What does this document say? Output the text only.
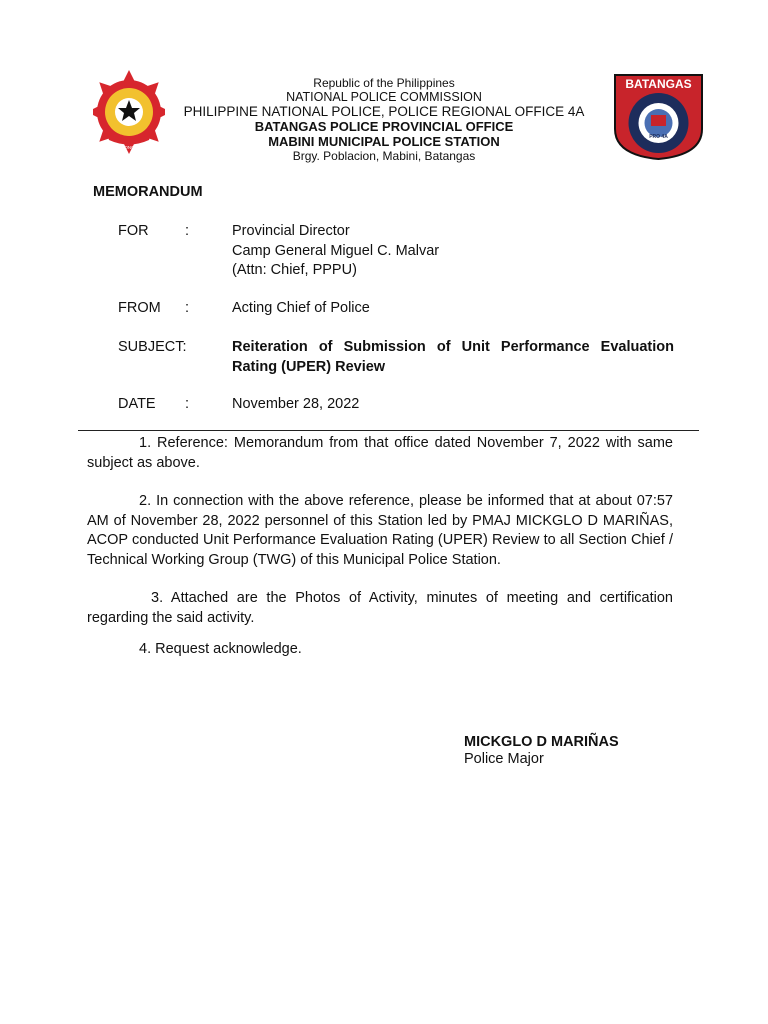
SERVICE HONOR JUSTICE
BATANGAS
PRO 4A
Republic of the Philippines
NATIONAL POLICE COMMISSION
PHILIPPINE NATIONAL POLICE, POLICE REGIONAL OFFICE 4A
BATANGAS POLICE PROVINCIAL OFFICE
MABINI MUNICIPAL POLICE STATION
Brgy. Poblacion, Mabini, Batangas
MEMORANDUM
FOR	:	Provincial Director
Camp General Miguel C. Malvar
(Attn: Chief, PPPU)
FROM :	Acting Chief of Police
SUBJECT:	Reiteration of Submission of Unit Performance Evaluation Rating (UPER) Review
DATE :	November 28, 2022
1. Reference: Memorandum from that office dated November 7, 2022 with same subject as above.
2. In connection with the above reference, please be informed that at about 07:57 AM of November 28, 2022 personnel of this Station led by PMAJ MICKGLO D MARIÑAS, ACOP conducted Unit Performance Evaluation Rating (UPER) Review to all Section Chief / Technical Working Group (TWG) of this Municipal Police Station.
3. Attached are the Photos of Activity, minutes of meeting and certification regarding the said activity.
4. Request acknowledge.
MICKGLO D MARIÑAS
Police Major
